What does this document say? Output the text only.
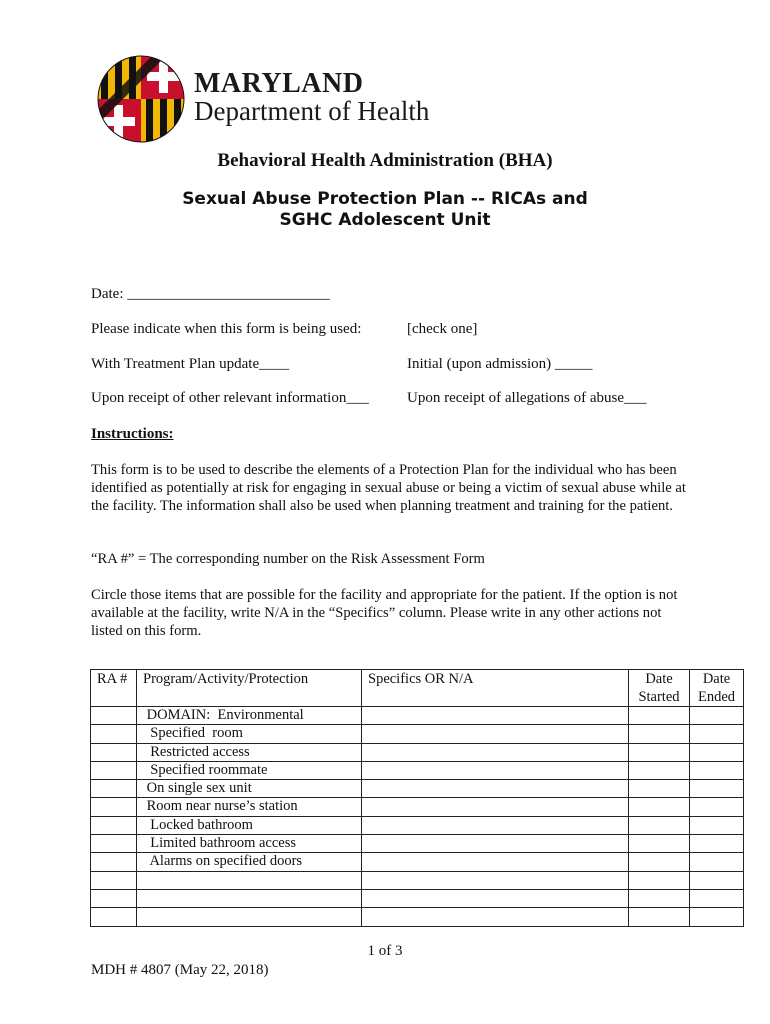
MARYLAND
Department of Health
Behavioral Health Administration (BHA)
Sexual Abuse Protection Plan -- RICAs and
SGHC Adolescent Unit
Date: ___________________________
Please indicate when this form is being used:	[check one]
With Treatment Plan update____	Initial (upon admission) _____
Upon receipt of other relevant information___	Upon receipt of allegations of abuse___
Instructions:
This form is to be used to describe the elements of a Protection Plan for the individual who has been identified as potentially at risk for engaging in sexual abuse or being a victim of sexual abuse while at the facility. The information shall also be used when planning treatment and training for the patient.
“RA #” = The corresponding number on the Risk Assessment Form
Circle those items that are possible for the facility and appropriate for the patient. If the option is not available at the facility, write N/A in the “Specifics” column. Please write in any other actions not listed on this form.
RA #	Program/Activity/Protection	Specifics OR N/A	Date Started	Date Ended
	DOMAIN:  Environmental			
	Specified  room			
	Restricted access			
	Specified roommate			
	On single sex unit			
	Room near nurse’s station			
	Locked bathroom			
	Limited bathroom access			
	Alarms on specified doors			

1 of 3
MDH # 4807 (May 22, 2018)
